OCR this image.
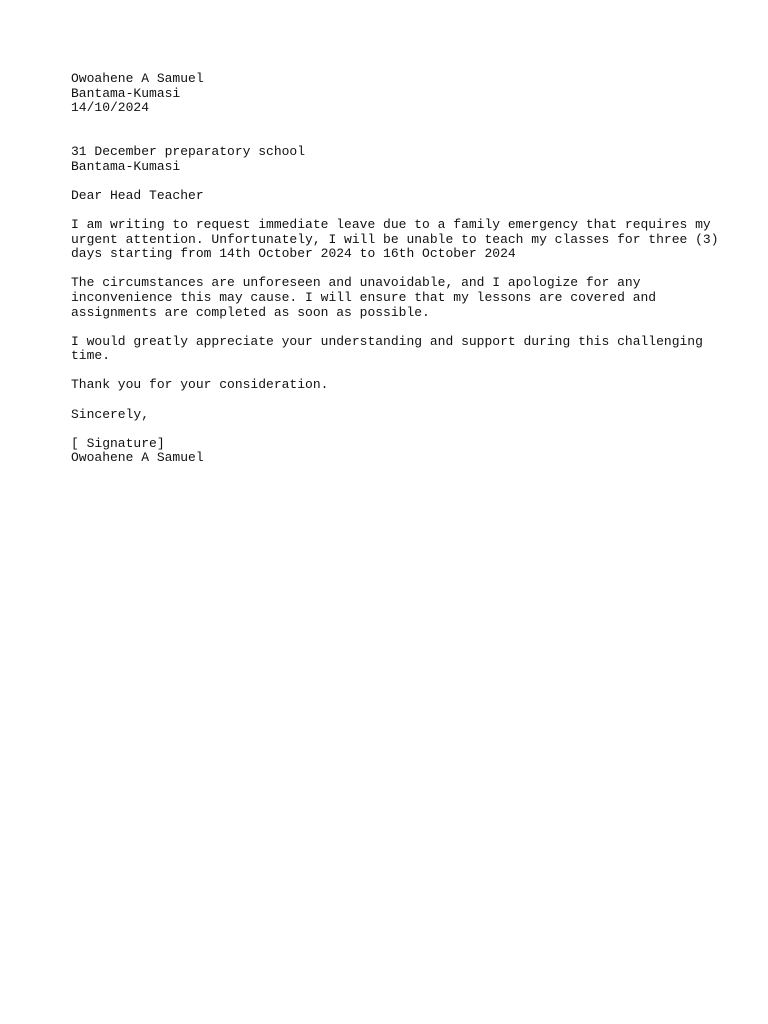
Owoahene A Samuel
Bantama-Kumasi
14/10/2024
31 December preparatory school
Bantama-Kumasi
Dear Head Teacher
I am writing to request immediate leave due to a family emergency that requires my
urgent attention. Unfortunately, I will be unable to teach my classes for three (3)
days starting from 14th October 2024 to 16th October 2024
The circumstances are unforeseen and unavoidable, and I apologize for any
inconvenience this may cause. I will ensure that my lessons are covered and
assignments are completed as soon as possible.
I would greatly appreciate your understanding and support during this challenging
time.
Thank you for your consideration.
Sincerely,
[ Signature]
Owoahene A Samuel
